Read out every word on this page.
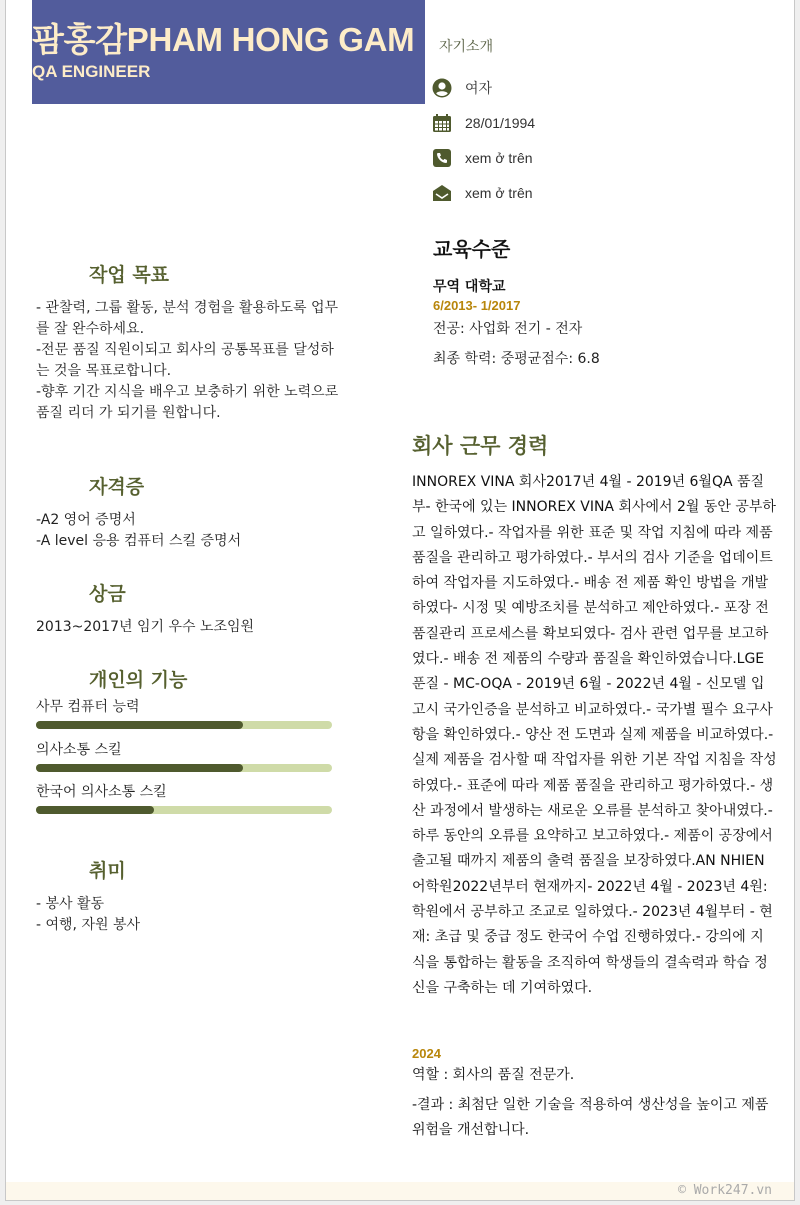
팜홍감PHAM HONG GAM
QA ENGINEER
자기소개
여자
28/01/1994
xem ở trên
xem ở trên
작업 목표
- 관찰력, 그룹 활동, 분석 경험을 활용하도록 업무를 잘 완수하세요.
-전문 품질 직원이되고 회사의 공통목표를 달성하는 것을 목표로합니다.
-향후 기간 지식을 배우고 보충하기 위한 노력으로 품질 리더 가 되기를 원합니다.
자격증
-A2 영어 증명서
-A level 응용 컴퓨터 스킬 증명서
상금
2013~2017년 임기 우수 노조임원
개인의 기능
사무 컴퓨터 능력
의사소통 스킬
한국어 의사소통 스킬
취미
- 봉사 활동
- 여행, 자원 봉사
교육수준
무역 대학교
6/2013- 1/2017
전공: 사업화 전기 - 전자
최종 학력: 중평균점수: 6.8
회사 근무 경력
INNOREX VINA 회사2017년 4월 - 2019년 6월QA 품질부- 한국에 있는 INNOREX VINA 회사에서 2월 동안 공부하고 일하였다.- 작업자를 위한 표준 및 작업 지침에 따라 제품 품질을 관리하고 평가하였다.- 부서의 검사 기준을 업데이트하여 작업자를 지도하였다.- 배송 전 제품 확인 방법을 개발하였다- 시정 및 예방조치를 분석하고 제안하였다.- 포장 전 품질관리 프로세스를 확보되였다- 검사 관련 업무를 보고하였다.- 배송 전 제품의 수량과 품질을 확인하였습니다.LGE 푼질 - MC-OQA - 2019년 6월 - 2022년 4월 - 신모델 입고시 국가인증을 분석하고 비교하였다.- 국가별 필수 요구사항을 확인하였다.- 양산 전 도면과 실제 제품을 비교하였다.- 실제 제품을 검사할 때 작업자를 위한 기본 작업 지침을 작성하였다.- 표준에 따라 제품 품질을 관리하고 평가하였다.- 생산 과정에서 발생하는 새로운 오류를 분석하고 찾아내였다.- 하루 동안의 오류를 요약하고 보고하였다.- 제품이 공장에서 출고될 때까지 제품의 출력 품질을 보장하였다.AN NHIEN 어학원2022년부터 현재까지- 2022년 4월 - 2023년 4원: 학원에서 공부하고 조교로 일하였다.- 2023년 4월부터 - 현재: 초급 및 중급 정도 한국어 수업 진행하였다.- 강의에 지식을 통합하는 활동을 조직하여 학생들의 결속력과 학습 정신을 구축하는 데 기여하였다.
2024
역할 : 회사의 품질 전문가.
-결과 : 최첨단 일한 기술을 적용하여 생산성을 높이고 제품 위험을 개선합니다.
© Work247.vn
